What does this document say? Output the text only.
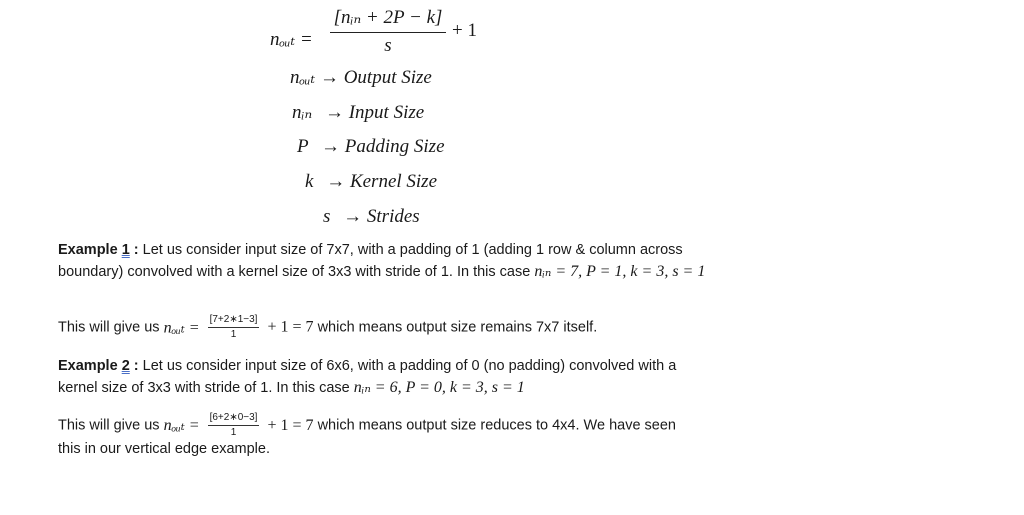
nₒᵤₜ =
[nᵢₙ + 2P − k]
s
+ 1
nₒᵤₜ → Output Size
nᵢₙ → Input Size
P → Padding Size
k → Kernel Size
s → Strides
Example 1 : Let us consider input size of 7x7, with a padding of 1 (adding 1 row & column across boundary) convolved with a kernel size of 3x3 with stride of 1. In this case nᵢₙ = 7, P = 1, k = 3, s = 1
This will give us nₒᵤₜ = $\frac{[7+2∗1-3]}{1} + 1 = 7$ which means output size remains 7x7 itself.
Example 2 : Let us consider input size of 6x6, with a padding of 0 (no padding) convolved with a kernel size of 3x3 with stride of 1. In this case nᵢₙ = 6, P = 0, k = 3, s = 1
This will give us nₒᵤₜ = $\frac{[6+2∗0-3]}{1} + 1 = 7$ which means output size reduces to 4x4. We have seen this in our vertical edge example.
